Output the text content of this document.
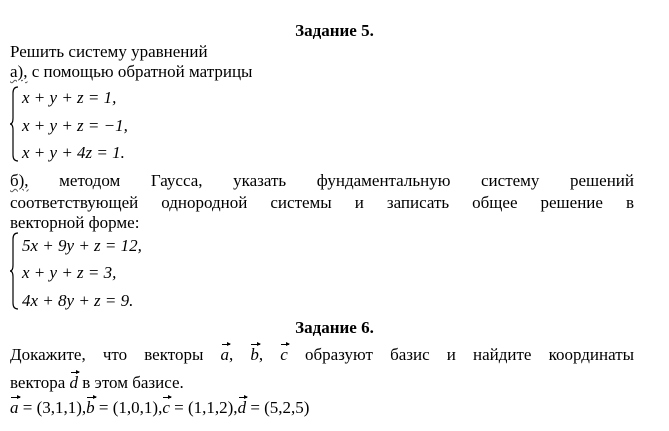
Задание 5.
Решить систему уравнений
а), с помощью обратной матрицы
x + y + z = 1,
x + y + z = −1,
x + y + 4z = 1.
б), методом Гаусса, указать фундаментальную систему решений
соответствующей однородной системы и записать общее решение в
векторной форме:
5x + 9y + z = 12,
x + y + z = 3,
4x + 8y + z = 9.
Задание 6.
Докажите, что векторы a, b, c образуют базис и найдите координаты
вектора d в этом базисе.
a = (3,1,1),b = (1,0,1),c = (1,1,2),d = (5,2,5)
